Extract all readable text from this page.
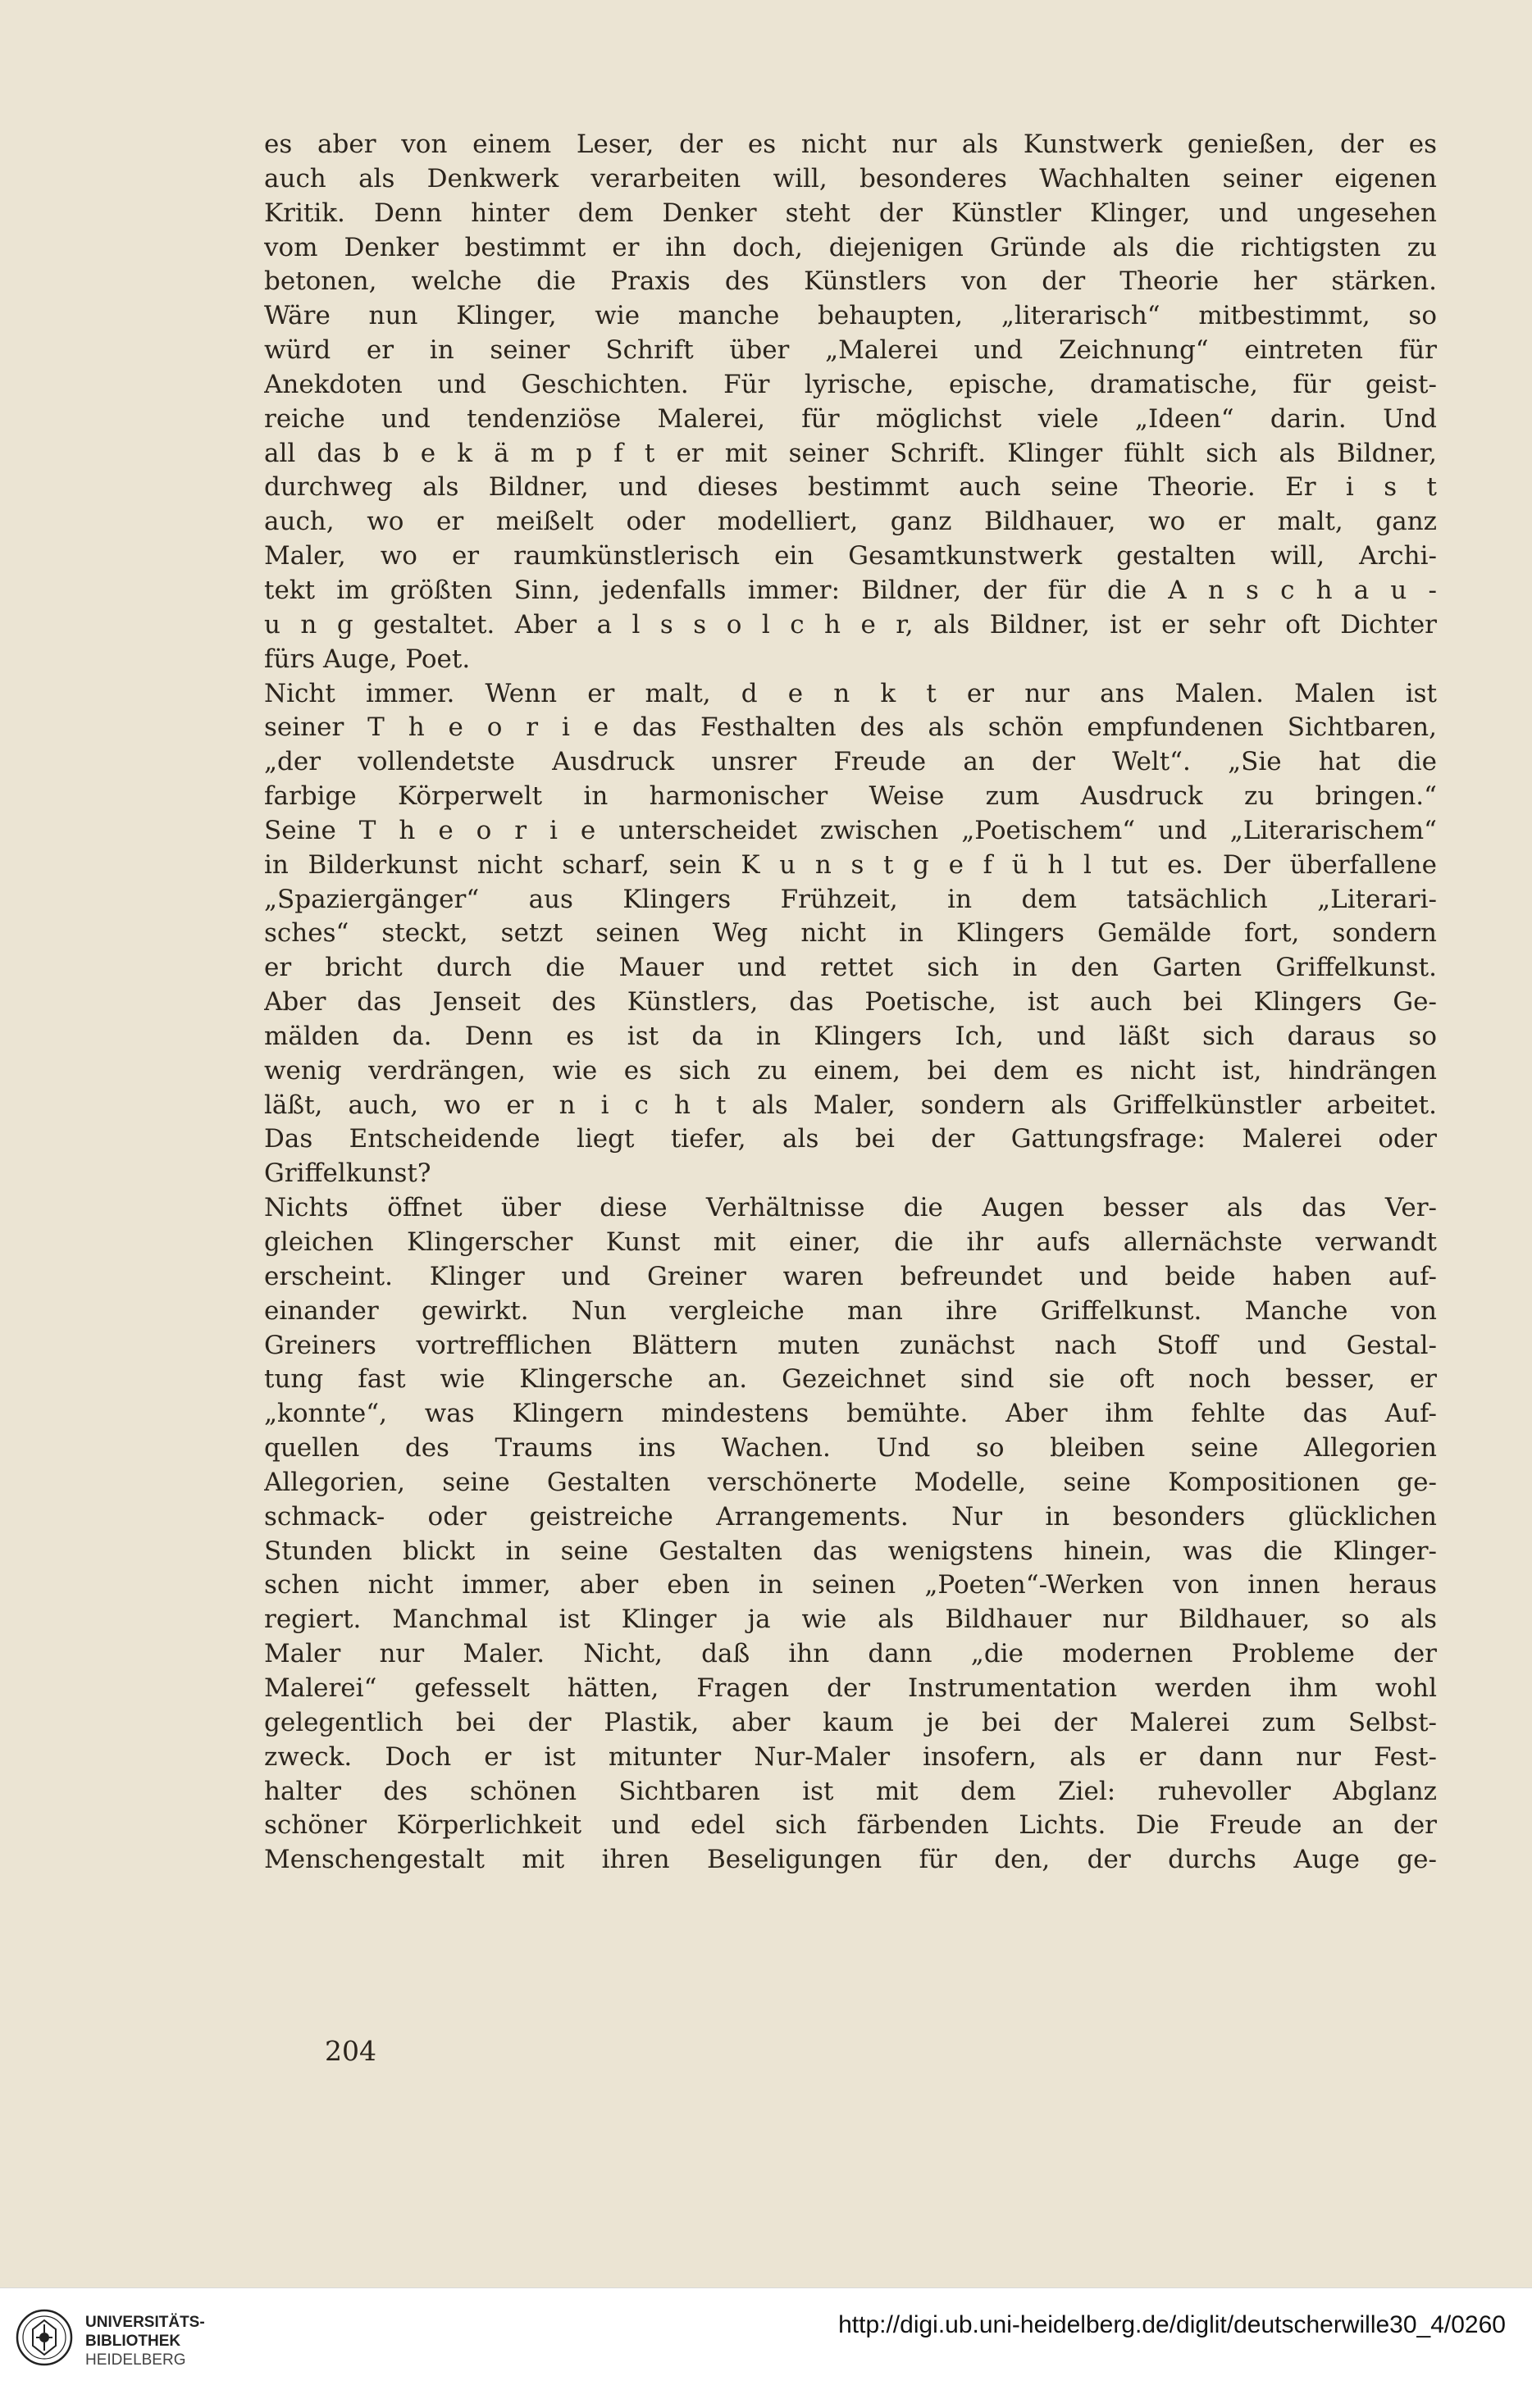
es aber von einem Leser, der es nicht nur als Kunstwerk genießen, der es
auch als Denkwerk verarbeiten will, besonderes Wachhalten seiner eigenen
Kritik. Denn hinter dem Denker steht der Künstler Klinger, und ungesehen
vom Denker bestimmt er ihn doch, diejenigen Gründe als die richtigsten zu
betonen, welche die Praxis des Künstlers von der Theorie her stärken.
Wäre nun Klinger, wie manche behaupten, „literarisch“ mitbestimmt, so
würd er in seiner Schrift über „Malerei und Zeichnung“ eintreten für
Anekdoten und Geschichten. Für lyrische, epische, dramatische, für geist-
reiche und tendenziöse Malerei, für möglichst viele „Ideen“ darin. Und
all das b e k ä m p f t er mit seiner Schrift. Klinger fühlt sich als Bildner,
durchweg als Bildner, und dieses bestimmt auch seine Theorie. Er i s t
auch, wo er meißelt oder modelliert, ganz Bildhauer, wo er malt, ganz
Maler, wo er raumkünstlerisch ein Gesamtkunstwerk gestalten will, Archi-
tekt im größten Sinn, jedenfalls immer: Bildner, der für die A n s c h a u -
u n g gestaltet. Aber a l s s o l c h e r, als Bildner, ist er sehr oft Dichter
fürs Auge, Poet.
Nicht immer. Wenn er malt, d e n k t er nur ans Malen. Malen ist
seiner T h e o r i e das Festhalten des als schön empfundenen Sichtbaren,
„der vollendetste Ausdruck unsrer Freude an der Welt“. „Sie hat die
farbige Körperwelt in harmonischer Weise zum Ausdruck zu bringen.“
Seine T h e o r i e unterscheidet zwischen „Poetischem“ und „Literarischem“
in Bilderkunst nicht scharf, sein K u n s t g e f ü h l tut es. Der überfallene
„Spaziergänger“ aus Klingers Frühzeit, in dem tatsächlich „Literari-
sches“ steckt, setzt seinen Weg nicht in Klingers Gemälde fort, sondern
er bricht durch die Mauer und rettet sich in den Garten Griffelkunst.
Aber das Jenseit des Künstlers, das Poetische, ist auch bei Klingers Ge-
mälden da. Denn es ist da in Klingers Ich, und läßt sich daraus so
wenig verdrängen, wie es sich zu einem, bei dem es nicht ist, hindrängen
läßt, auch, wo er n i c h t als Maler, sondern als Griffelkünstler arbeitet.
Das Entscheidende liegt tiefer, als bei der Gattungsfrage: Malerei oder
Griffelkunst?
Nichts öffnet über diese Verhältnisse die Augen besser als das Ver-
gleichen Klingerscher Kunst mit einer, die ihr aufs allernächste verwandt
erscheint. Klinger und Greiner waren befreundet und beide haben auf-
einander gewirkt. Nun vergleiche man ihre Griffelkunst. Manche von
Greiners vortrefflichen Blättern muten zunächst nach Stoff und Gestal-
tung fast wie Klingersche an. Gezeichnet sind sie oft noch besser, er
„konnte“, was Klingern mindestens bemühte. Aber ihm fehlte das Auf-
quellen des Traums ins Wachen. Und so bleiben seine Allegorien
Allegorien, seine Gestalten verschönerte Modelle, seine Kompositionen ge-
schmack- oder geistreiche Arrangements. Nur in besonders glücklichen
Stunden blickt in seine Gestalten das wenigstens hinein, was die Klinger-
schen nicht immer, aber eben in seinen „Poeten“-Werken von innen heraus
regiert. Manchmal ist Klinger ja wie als Bildhauer nur Bildhauer, so als
Maler nur Maler. Nicht, daß ihn dann „die modernen Probleme der
Malerei“ gefesselt hätten, Fragen der Instrumentation werden ihm wohl
gelegentlich bei der Plastik, aber kaum je bei der Malerei zum Selbst-
zweck. Doch er ist mitunter Nur-Maler insofern, als er dann nur Fest-
halter des schönen Sichtbaren ist mit dem Ziel: ruhevoller Abglanz
schöner Körperlichkeit und edel sich färbenden Lichts. Die Freude an der
Menschengestalt mit ihren Beseligungen für den, der durchs Auge ge-
204
UNIVERSITÄTS-
BIBLIOTHEK
HEIDELBERG
http://digi.ub.uni-heidelberg.de/diglit/deutscherwille30_4/0260
